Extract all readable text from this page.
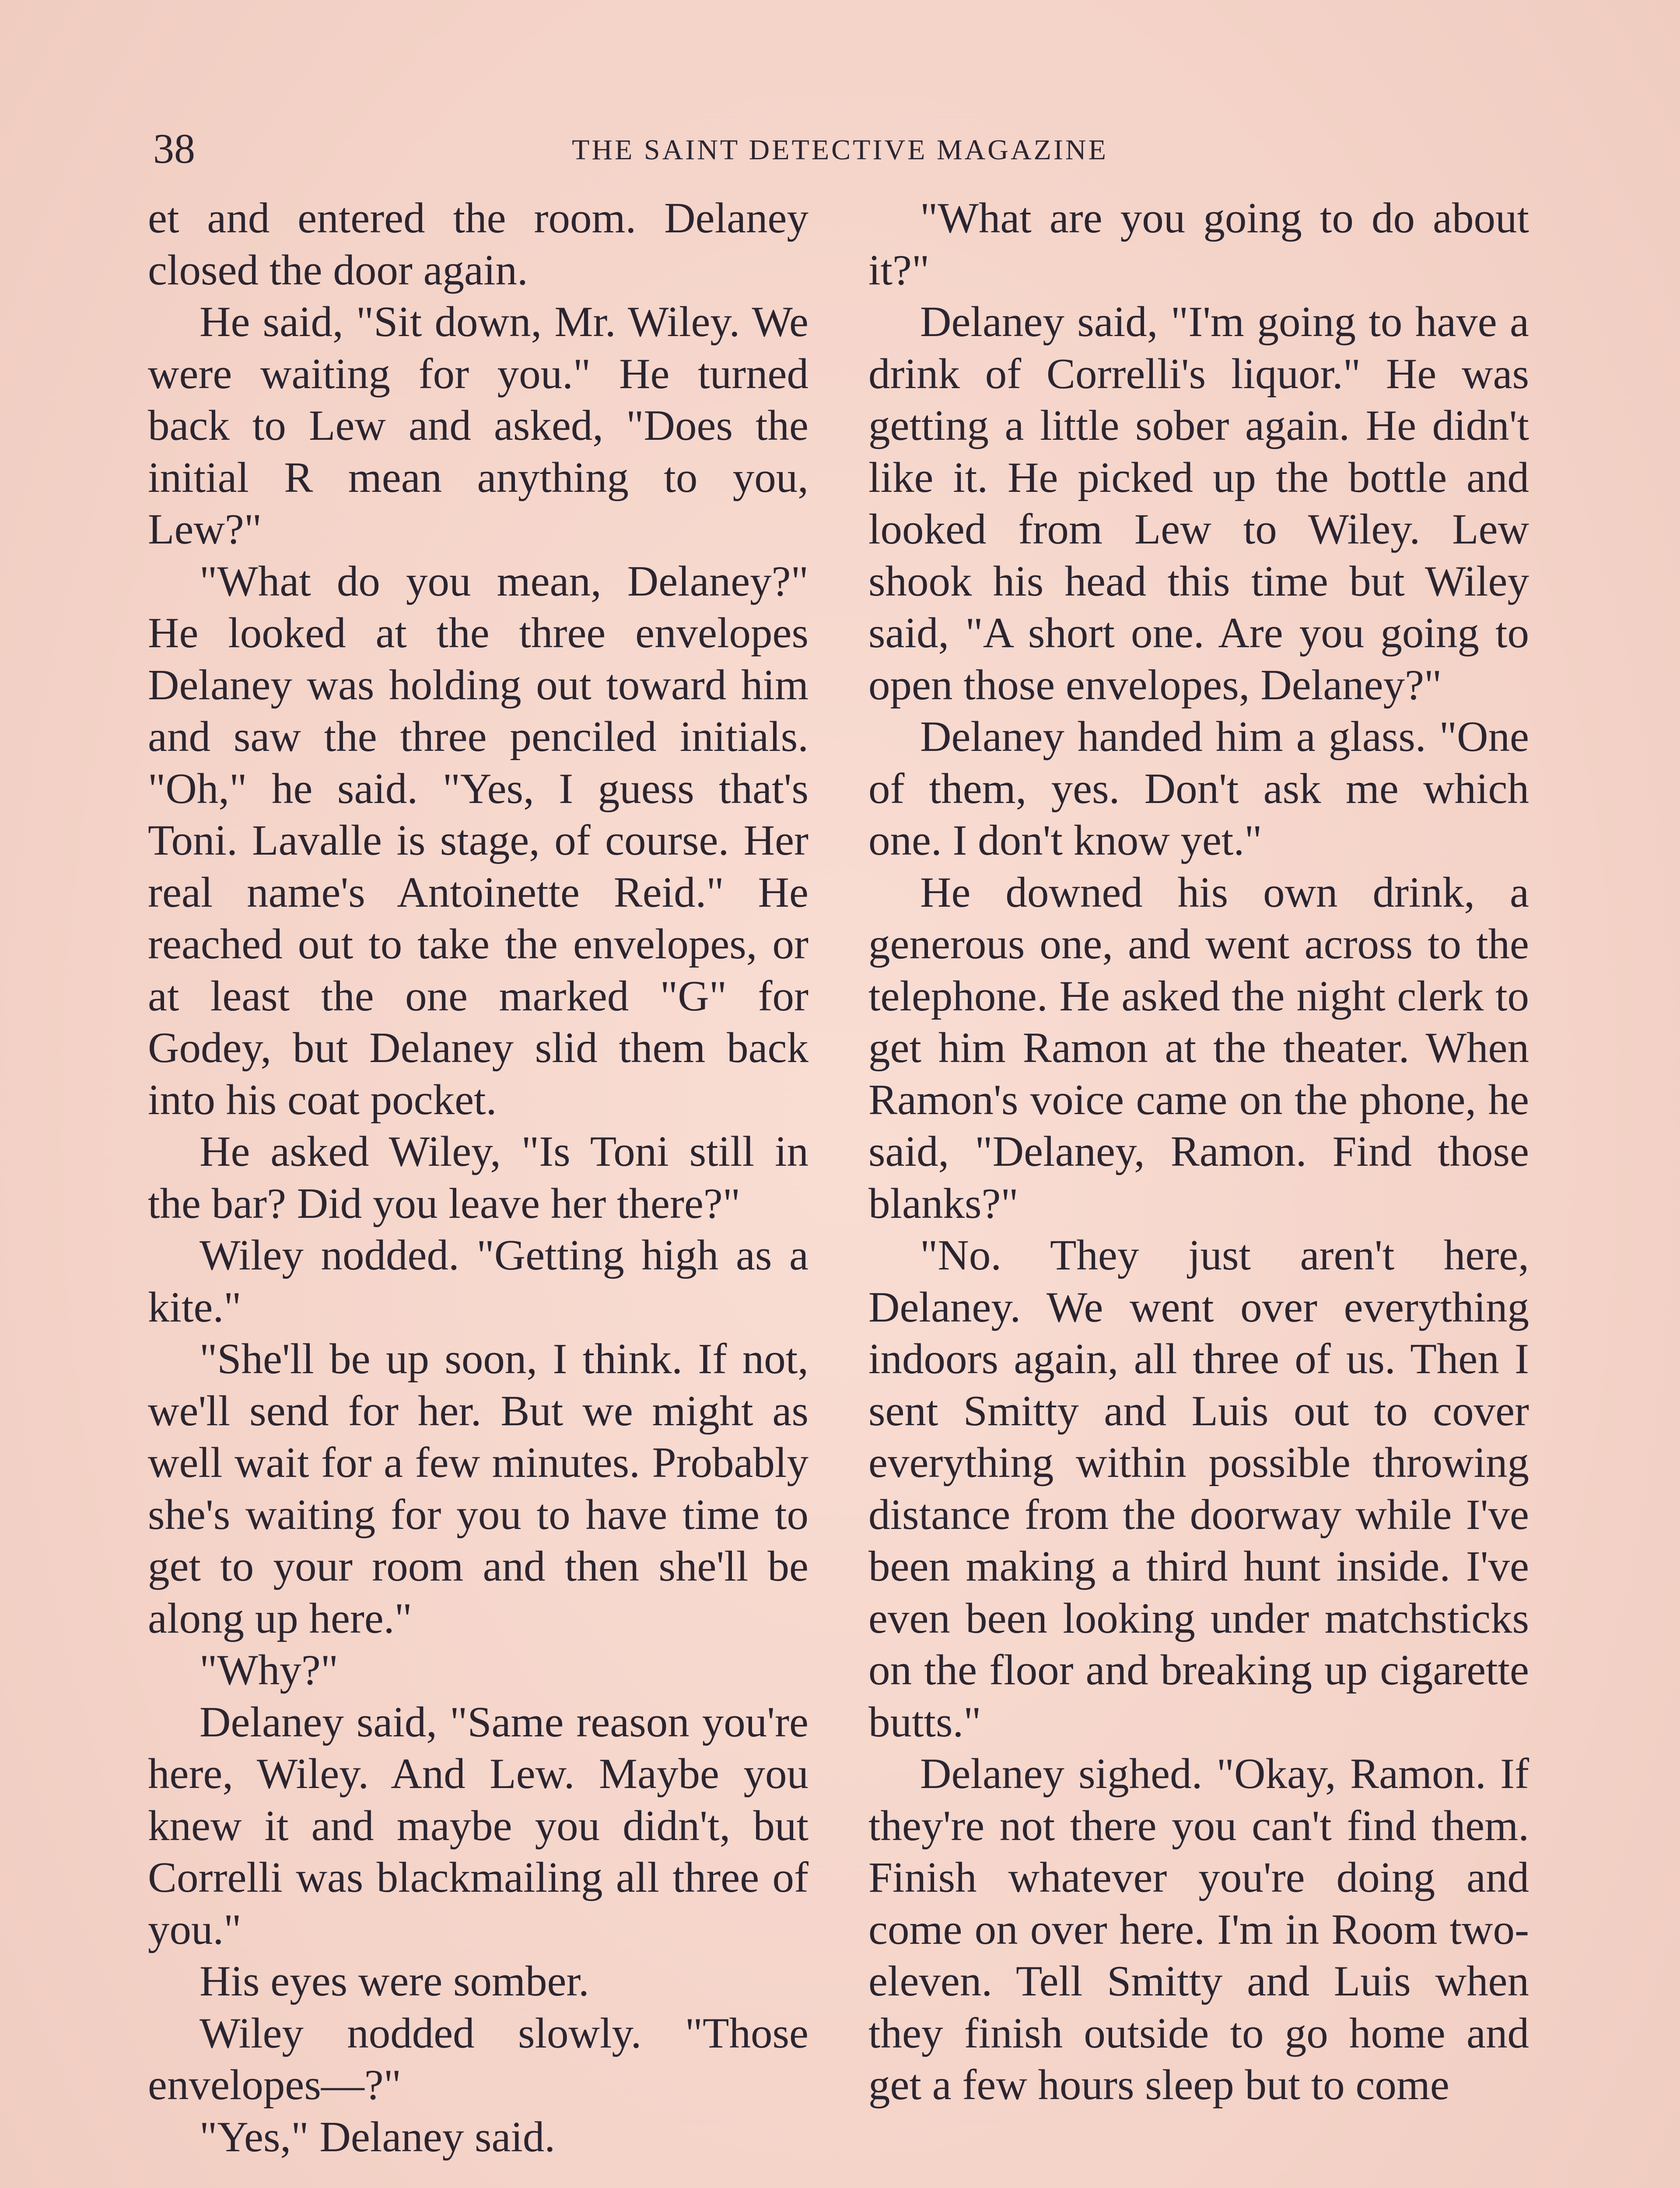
38	THE SAINT DETECTIVE MAGAZINE

et and entered the room. Delaney closed the door again.

He said, "Sit down, Mr. Wiley. We were waiting for you." He turned back to Lew and asked, "Does the initial R mean anything to you, Lew?"

"What do you mean, Delaney?" He looked at the three envelopes Delaney was holding out toward him and saw the three penciled initials. "Oh," he said. "Yes, I guess that's Toni. Lavalle is stage, of course. Her real name's Antoinette Reid." He reached out to take the envelopes, or at least the one marked "G" for Godey, but Delaney slid them back into his coat pocket.

He asked Wiley, "Is Toni still in the bar? Did you leave her there?"

Wiley nodded. "Getting high as a kite."

"She'll be up soon, I think. If not, we'll send for her. But we might as well wait for a few minutes. Probably she's waiting for you to have time to get to your room and then she'll be along up here."

"Why?"

Delaney said, "Same reason you're here, Wiley. And Lew. Maybe you knew it and maybe you didn't, but Correlli was blackmailing all three of you."

His eyes were somber.

Wiley nodded slowly. "Those envelopes—?"

"Yes," Delaney said.

"What are you going to do about it?"

Delaney said, "I'm going to have a drink of Correlli's liquor." He was getting a little sober again. He didn't like it. He picked up the bottle and looked from Lew to Wiley. Lew shook his head this time but Wiley said, "A short one. Are you going to open those envelopes, Delaney?"

Delaney handed him a glass. "One of them, yes. Don't ask me which one. I don't know yet."

He downed his own drink, a generous one, and went across to the telephone. He asked the night clerk to get him Ramon at the theater. When Ramon's voice came on the phone, he said, "Delaney, Ramon. Find those blanks?"

"No. They just aren't here, Delaney. We went over everything indoors again, all three of us. Then I sent Smitty and Luis out to cover everything within possible throwing distance from the doorway while I've been making a third hunt inside. I've even been looking under matchsticks on the floor and breaking up cigarette butts."

Delaney sighed. "Okay, Ramon. If they're not there you can't find them. Finish whatever you're doing and come on over here. I'm in Room two-eleven. Tell Smitty and Luis when they finish outside to go home and get a few hours sleep but to come
